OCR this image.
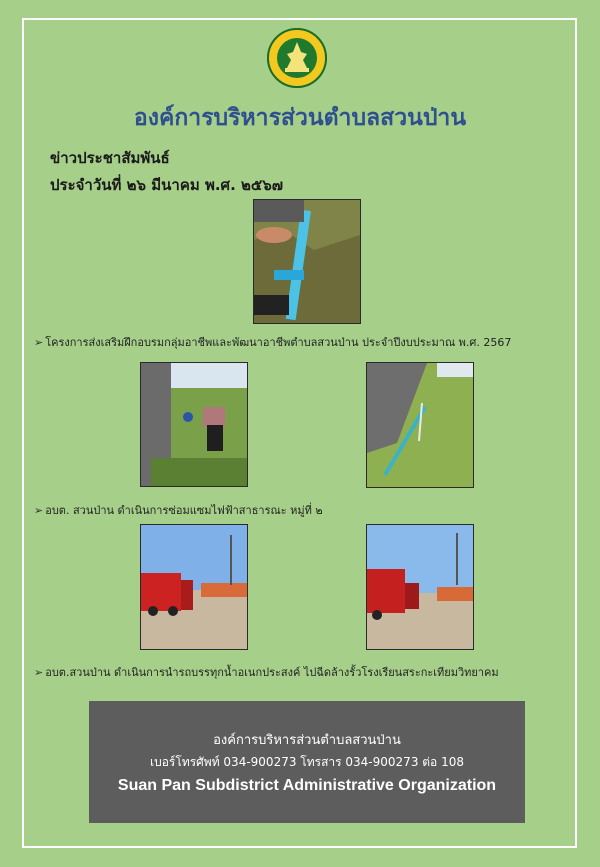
องค์การบริหารส่วนตำบลสวนป่าน
ข่าวประชาสัมพันธ์
ประจำวันที่ ๒๖ มีนาคม พ.ศ. ๒๕๖๗
➢ โครงการส่งเสริมฝึกอบรมกลุ่มอาชีพและพัฒนาอาชีพตำบลสวนป่าน ประจำปีงบประมาณ พ.ศ. 2567
➢ อบต. สวนป่าน ดำเนินการซ่อมแซมไฟฟ้าสาธารณะ หมู่ที่ ๒
➢ อบต.สวนป่าน ดำเนินการนำรถบรรทุกน้ำอเนกประสงค์ ไปฉีดล้างรั้วโรงเรียนสระกะเทียมวิทยาคม
องค์การบริหารส่วนตำบลสวนป่าน
เบอร์โทรศัพท์ 034-900273 โทรสาร 034-900273 ต่อ 108
Suan Pan Subdistrict Administrative Organization
